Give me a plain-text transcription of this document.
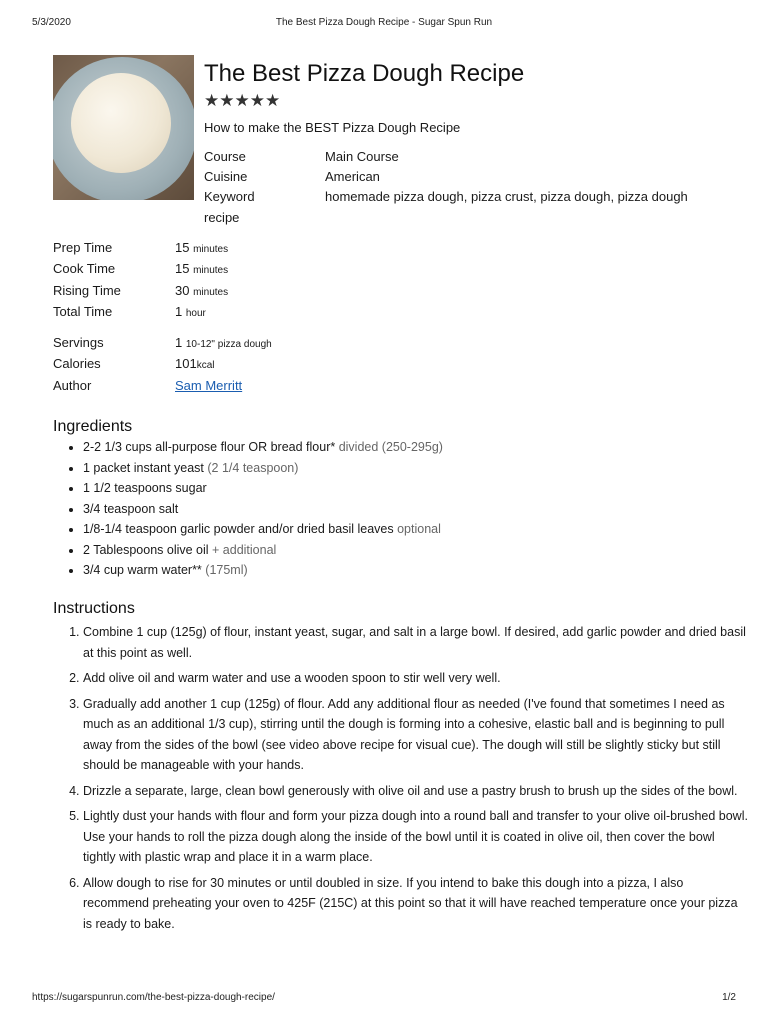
5/3/2020	The Best Pizza Dough Recipe - Sugar Spun Run
The Best Pizza Dough Recipe
★★★★★
How to make the BEST Pizza Dough Recipe
Course	Main Course
Cuisine	American
Keyword	homemade pizza dough, pizza crust, pizza dough, pizza dough
recipe
Prep Time	15 minutes
Cook Time	15 minutes
Rising Time	30 minutes
Total Time	1 hour
Servings	1 10-12" pizza dough
Calories	101kcal
Author	Sam Merritt
Ingredients
• 2-2 1/3 cups all-purpose flour OR bread flour* divided (250-295g)
• 1 packet instant yeast (2 1/4 teaspoon)
• 1 1/2 teaspoons sugar
• 3/4 teaspoon salt
• 1/8-1/4 teaspoon garlic powder and/or dried basil leaves optional
• 2 Tablespoons olive oil + additional
• 3/4 cup warm water** (175ml)
Instructions
1. Combine 1 cup (125g) of flour, instant yeast, sugar, and salt in a large bowl. If desired, add garlic powder and dried basil at this point as well.
2. Add olive oil and warm water and use a wooden spoon to stir well very well.
3. Gradually add another 1 cup (125g) of flour. Add any additional flour as needed (I've found that sometimes I need as much as an additional 1/3 cup), stirring until the dough is forming into a cohesive, elastic ball and is beginning to pull away from the sides of the bowl (see video above recipe for visual cue). The dough will still be slightly sticky but still should be manageable with your hands.
4. Drizzle a separate, large, clean bowl generously with olive oil and use a pastry brush to brush up the sides of the bowl.
5. Lightly dust your hands with flour and form your pizza dough into a round ball and transfer to your olive oil-brushed bowl. Use your hands to roll the pizza dough along the inside of the bowl until it is coated in olive oil, then cover the bowl tightly with plastic wrap and place it in a warm place.
6. Allow dough to rise for 30 minutes or until doubled in size. If you intend to bake this dough into a pizza, I also recommend preheating your oven to 425F (215C) at this point so that it will have reached temperature once your pizza is ready to bake.
https://sugarspunrun.com/the-best-pizza-dough-recipe/	1/2
